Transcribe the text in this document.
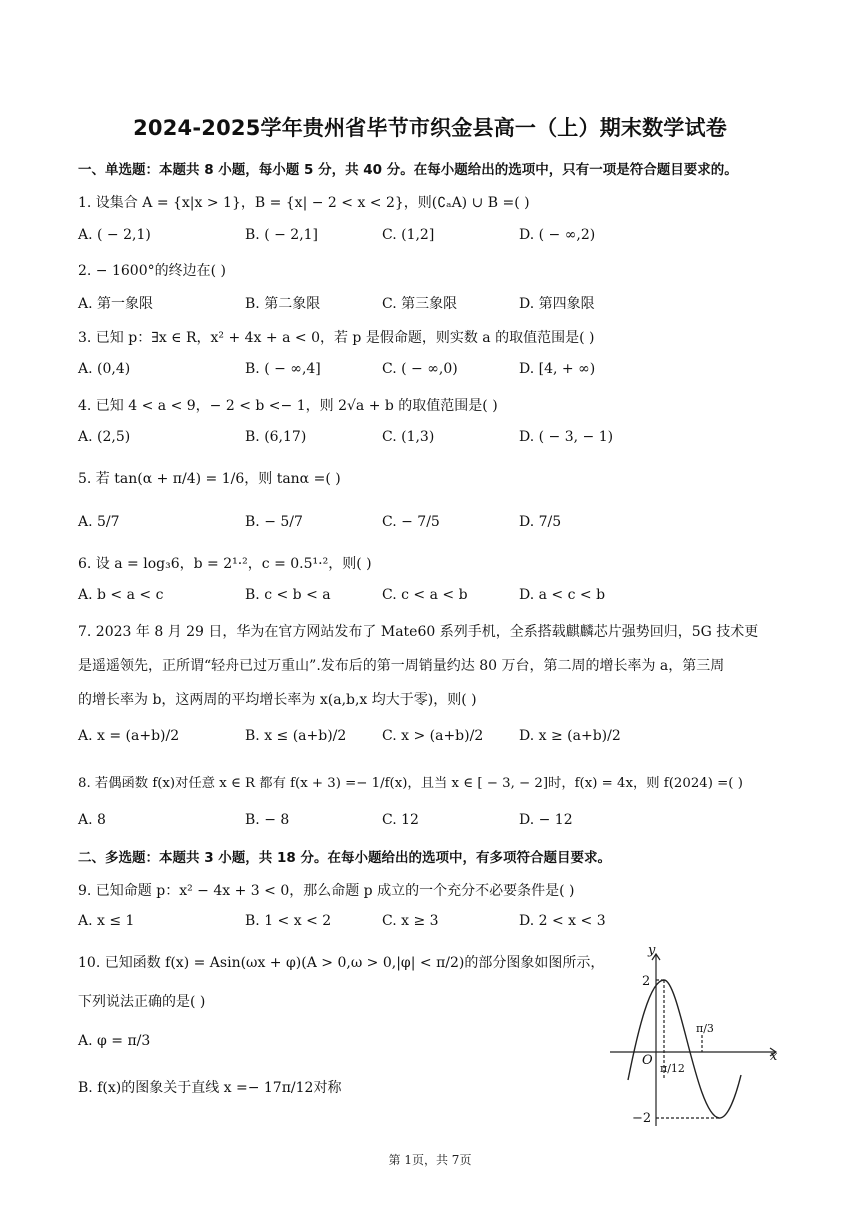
2024-2025学年贵州省毕节市织金县高一（上）期末数学试卷
一、单选题：本题共 8 小题，每小题 5 分，共 40 分。在每小题给出的选项中，只有一项是符合题目要求的。
1. 设集合 A = {x|x > 1}，B = {x| − 2 < x < 2}，则(∁ₐA) ∪ B =( )
A. ( − 2,1)	B. ( − 2,1]	C. (1,2]	D. ( − ∞,2)
2. − 1600°的终边在( )
A. 第一象限	B. 第二象限	C. 第三象限	D. 第四象限
3. 已知 p：∃x ∈ R，x² + 4x + a < 0，若 p 是假命题，则实数 a 的取值范围是( )
A. (0,4)	B. ( − ∞,4]	C. ( − ∞,0)	D. [4, + ∞)
4. 已知 4 < a < 9，− 2 < b <− 1，则 2√a + b 的取值范围是( )
A. (2,5)	B. (6,17)	C. (1,3)	D. ( − 3, − 1)
5. 若 tan(α + π/4) = 1/6，则 tanα =( )
A. 5/7	B. − 5/7	C. − 7/5	D. 7/5
6. 设 a = log₃6，b = 2¹·²，c = 0.5¹·²，则( )
A. b < a < c	B. c < b < a	C. c < a < b	D. a < c < b
7. 2023 年 8 月 29 日，华为在官方网站发布了 Mate60 系列手机，全系搭载麒麟芯片强势回归，5G 技术更
是遥遥领先，正所谓“轻舟已过万重山”.发布后的第一周销量约达 80 万台，第二周的增长率为 a，第三周
的增长率为 b，这两周的平均增长率为 x(a,b,x 均大于零)，则( )
A. x = (a+b)/2	B. x ≤ (a+b)/2	C. x > (a+b)/2	D. x ≥ (a+b)/2
8. 若偶函数 f(x)对任意 x ∈ R 都有 f(x + 3) =− 1/f(x)，且当 x ∈ [ − 3, − 2]时，f(x) = 4x，则 f(2024) =( )
A. 8	B. − 8	C. 12	D. − 12
二、多选题：本题共 3 小题，共 18 分。在每小题给出的选项中，有多项符合题目要求。
9. 已知命题 p：x² − 4x + 3 < 0，那么命题 p 成立的一个充分不必要条件是( )
A. x ≤ 1	B. 1 < x < 2	C. x ≥ 3	D. 2 < x < 3
10. 已知函数 f(x) = Asin(ωx + φ)(A > 0,ω > 0,|φ| < π/2)的部分图象如图所示，
下列说法正确的是( )
A. φ = π/3
B. f(x)的图象关于直线 x =− 17π/12对称
y
x
O
2
−2
π/12
π/3
第 1页，共 7页
